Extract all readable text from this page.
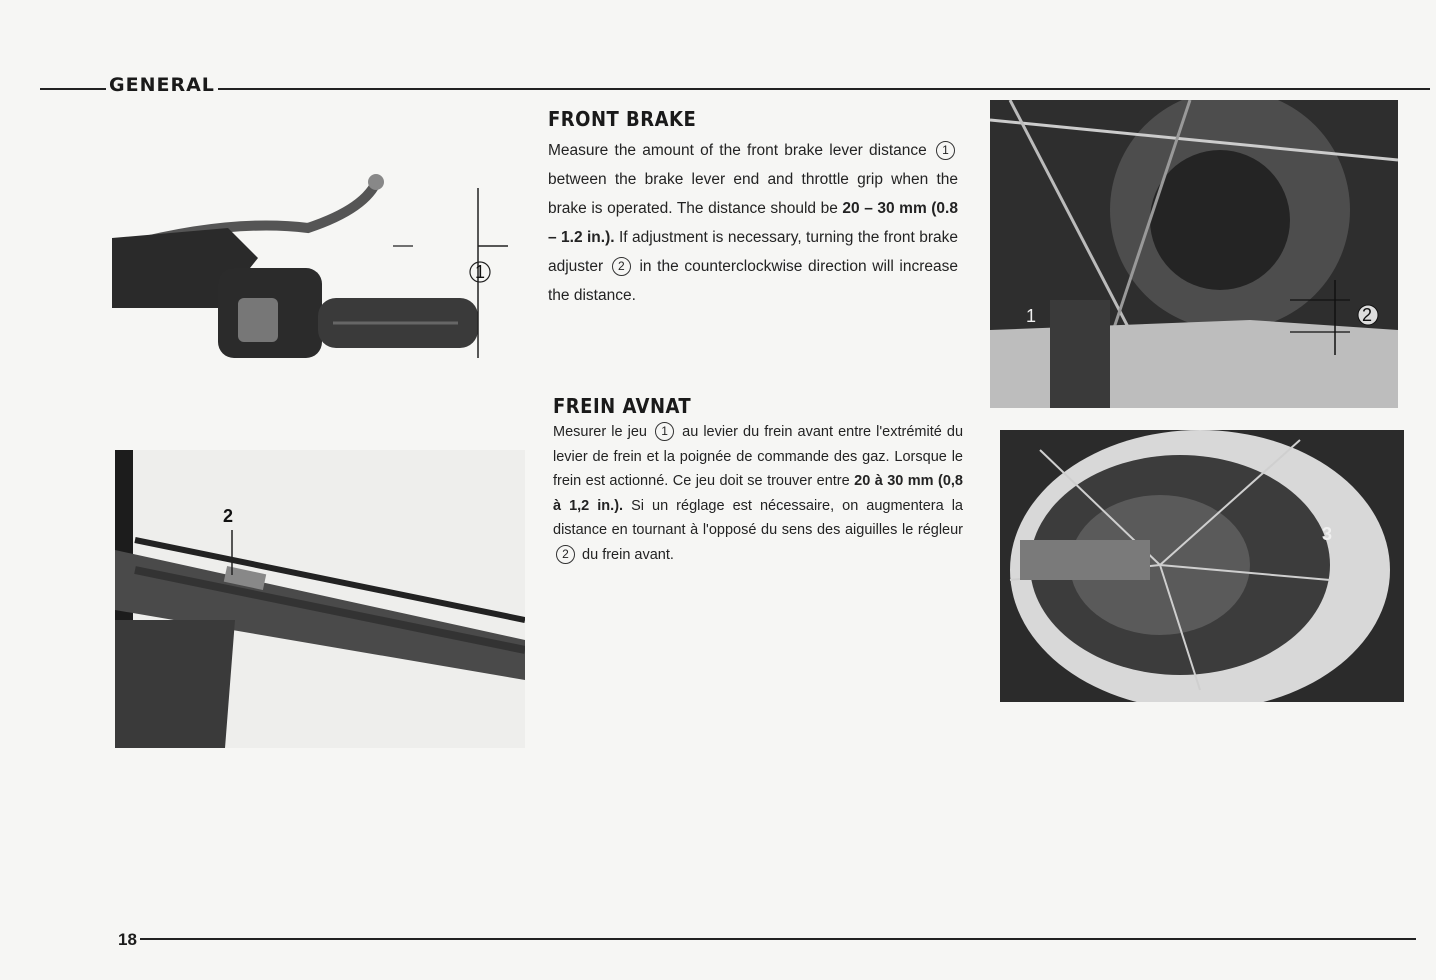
GENERAL
1
2
FRONT BRAKE

Measure the amount of the front brake lever distance 1 between the brake lever end and throttle grip when the brake is operated. The distance should be 20 – 30 mm (0.8 – 1.2 in.). If adjustment is necessary, turning the front brake adjuster 2 in the counterclockwise direction will increase the distance.

FREIN AVNAT

Mesurer le jeu 1 au levier du frein avant entre l'extrémité du levier de frein et la poignée de commande des gaz. Lorsque le frein est actionné. Ce jeu doit se trouver entre 20 à 30 mm (0,8 à 1,2 in.). Si un réglage est nécessaire, on augmentera la distance en tournant à l'opposé du sens des aiguilles le régleur 2 du frein avant.

2
1
3
18
